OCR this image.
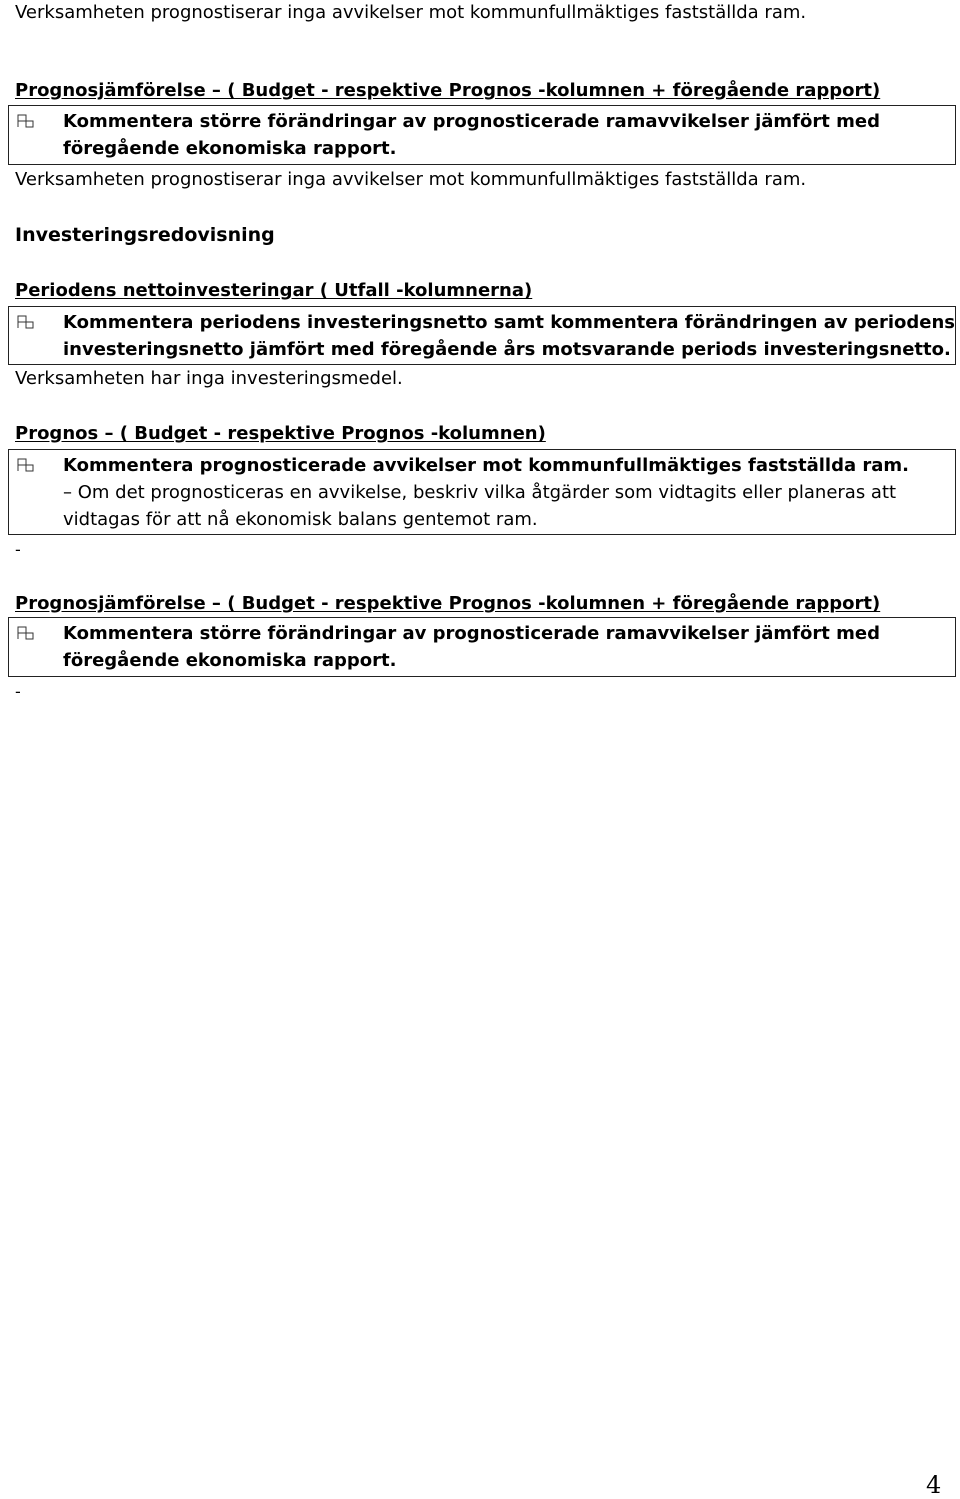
Verksamheten prognostiserar inga avvikelser mot kommunfullmäktiges fastställda ram.

Prognosjämförelse – ( Budget - respektive Prognos -kolumnen + föregående rapport)

Kommentera större förändringar av prognosticerade ramavvikelser jämfört med
föregående ekonomiska rapport.

Verksamheten prognostiserar inga avvikelser mot kommunfullmäktiges fastställda ram.

Investeringsredovisning

Periodens nettoinvesteringar ( Utfall -kolumnerna)

Kommentera periodens investeringsnetto samt kommentera förändringen av periodens
investeringsnetto jämfört med föregående års motsvarande periods investeringsnetto.

Verksamheten har inga investeringsmedel.

Prognos – ( Budget - respektive Prognos -kolumnen)

Kommentera prognosticerade avvikelser mot kommunfullmäktiges fastställda ram.
– Om det prognosticeras en avvikelse, beskriv vilka åtgärder som vidtagits eller planeras att
vidtagas för att nå ekonomisk balans gentemot ram.
-

Prognosjämförelse – ( Budget - respektive Prognos -kolumnen + föregående rapport)

Kommentera större förändringar av prognosticerade ramavvikelser jämfört med
föregående ekonomiska rapport.
-
4
